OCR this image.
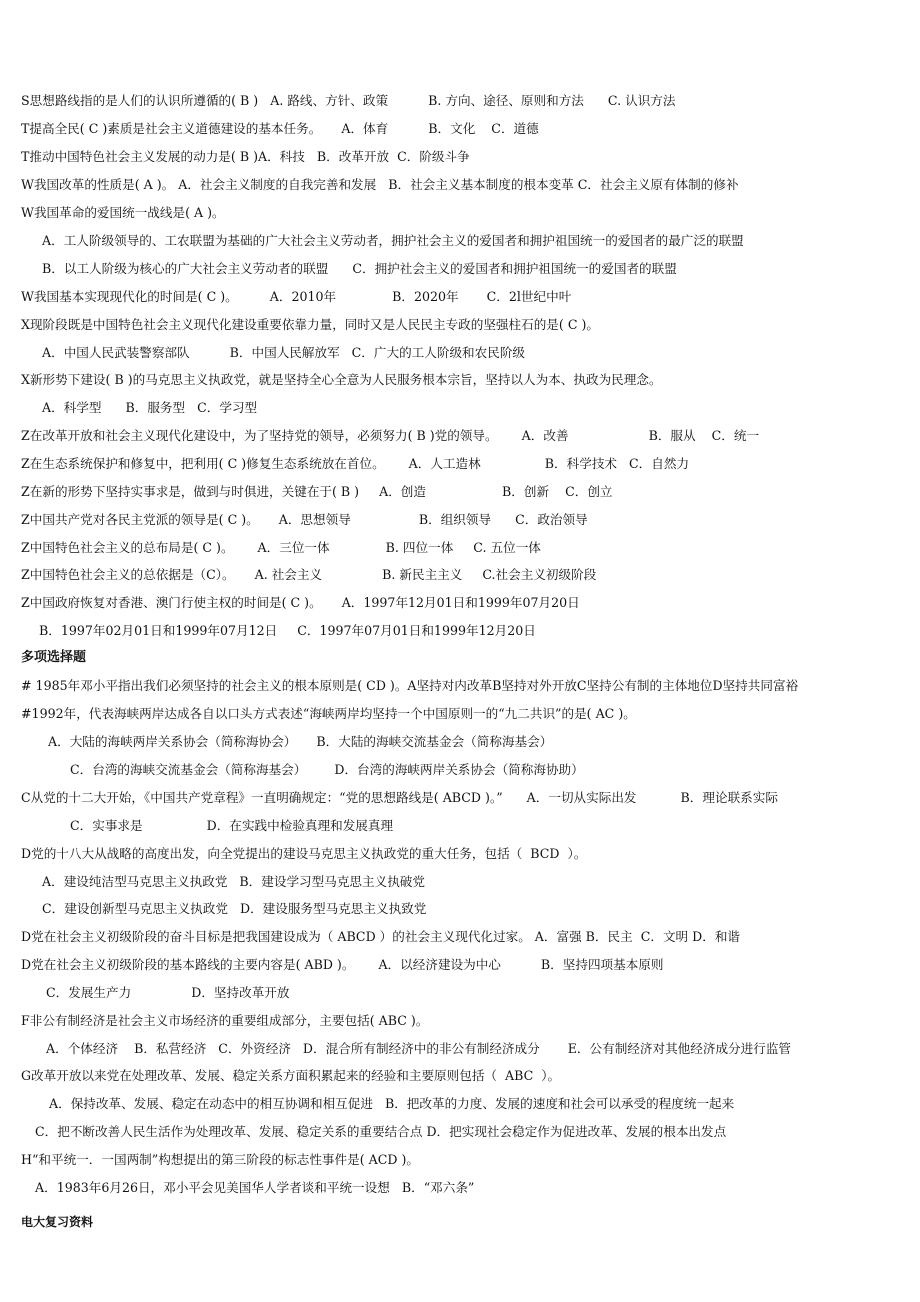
S思想路线指的是人们的认识所遵循的( B )   A. 路线、方针、政策          B. 方向、途径、原则和方法      C. 认识方法
T提高全民( C )素质是社会主义道德建设的基本任务。     A．体育          B．文化    C．道德
T推动中国特色社会主义发展的动力是( B )A．科技   B．改革开放  C．阶级斗争
W我国改革的性质是( A )。 A．社会主义制度的自我完善和发展   B．社会主义基本制度的根本变革 C．社会主义原有体制的修补
W我国革命的爱国统一战线是( A )。
A．工人阶级领导的、工农联盟为基础的广大社会主义劳动者，拥护社会主义的爱国者和拥护祖国统一的爱国者的最广泛的联盟
B．以工人阶级为核心的广大社会主义劳动者的联盟      C．拥护社会主义的爱国者和拥护祖国统一的爱国者的联盟
W我国基本实现现代化的时间是( C )。        A．2010年              B．2020年       C．2l世纪中叶
X现阶段既是中国特色社会主义现代化建设重要依靠力量，同时又是人民民主专政的坚强柱石的是( C )。
A．中国人民武装警察部队          B．中国人民解放军   C．广大的工人阶级和农民阶级
X新形势下建设( B )的马克思主义执政党，就是坚持全心全意为人民服务根本宗旨，坚持以人为本、执政为民理念。
A．科学型      B．服务型   C．学习型
Z在改革开放和社会主义现代化建设中，为了坚持党的领导，必须努力( B )党的领导。      A．改善                    B．服从    C．统一
Z在生态系统保护和修复中，把利用( C )修复生态系统放在首位。      A．人工造林                B．科学技术   C．自然力
Z在新的形势下坚持实事求是，做到与时俱进，关键在于( B )     A．创造                   B．创新    C．创立
Z中国共产党对各民主党派的领导是( C )。     A．思想领导                 B．组织领导      C．政治领导
Z中国特色社会主义的总布局是( C )。      A．三位一体              B. 四位一体     C. 五位一体
Z中国特色社会主义的总依据是（C）。     A. 社会主义               B. 新民主主义     C.社会主义初级阶段
Z中国政府恢复对香港、澳门行使主权的时间是( C )。     A．1997年12月01日和1999年07月20日
B．1997年02月01日和1999年07月12日     C．1997年07月01日和1999年12月20日
多项选择题
# 1985年邓小平指出我们必须坚持的社会主义的根本原则是( CD )。A坚持对内改革B坚持对外开放C坚持公有制的主体地位D坚持共同富裕
#1992年，代表海峡两岸达成各自以口头方式表述“海峡两岸均坚持一个中国原则一的“九二共识”的是( AC )。
A．大陆的海峡两岸关系协会（简称海协会）     B．大陆的海峡交流基金会（简称海基会）
C．台湾的海峡交流基金会（简称海基会）       D．台湾的海峡两岸关系协会（简称海协助）
C从党的十二大开始，《中国共产党章程》一直明确规定：“党的思想路线是( ABCD )。”      A．一切从实际出发           B．理论联系实际
C．实事求是                D．在实践中检验真理和发展真理
D党的十八大从战略的高度出发，向全党提出的建设马克思主义执政党的重大任务，包括（  BCD  ）。
A．建设纯洁型马克思主义执政党   B．建设学习型马克思主义执破党
C．建设创新型马克思主义执政党   D．建设服务型马克思主义执致党
D党在社会主义初级阶段的奋斗目标是把我国建设成为（ ABCD ）的社会主义现代化过家。 A．富强 B．民主  C．文明 D．和谐
D党在社会主义初级阶段的基本路线的主要内容是( ABD )。      A．以经济建设为中心          B．坚持四项基本原则
C．发展生产力               D．坚持改革开放
F非公有制经济是社会主义市场经济的重要组成部分，主要包括( ABC )。
A．个体经济    B．私营经济   C．外资经济   D．混合所有制经济中的非公有制经济成分       E．公有制经济对其他经济成分进行监管
G改革开放以来党在处理改革、发展、稳定关系方面积累起来的经验和主要原则包括（  ABC  ）。
A．保持改革、发展、稳定在动态中的相互协调和相互促进   B．把改革的力度、发展的速度和社会可以承受的程度统一起来
C．把不断改善人民生活作为处理改革、发展、稳定关系的重要结合点 D．把实现社会稳定作为促进改革、发展的根本出发点
H“和平统一．一国两制”构想提出的第三阶段的标志性事件是( ACD )。
A．1983年6月26日，邓小平会见美国华人学者谈和平统一设想   B．“邓六条”
电大复习资料
